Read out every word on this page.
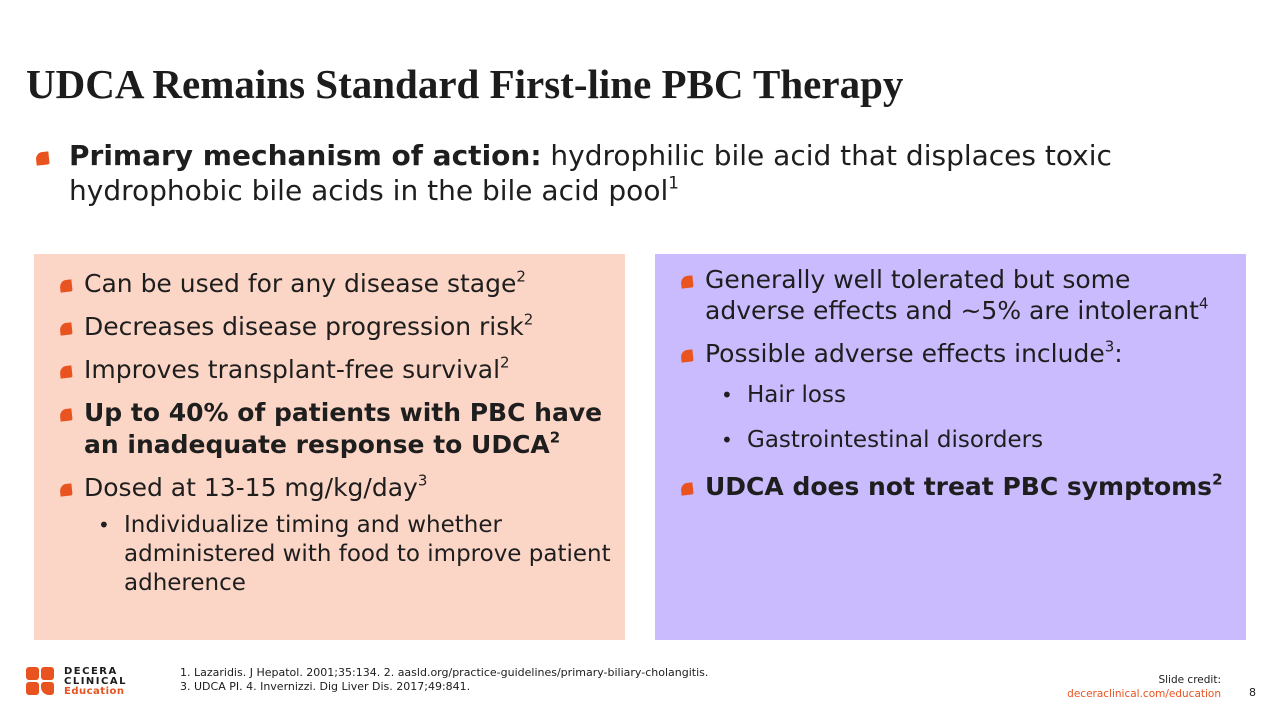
UDCA Remains Standard First-line PBC Therapy
Primary mechanism of action: hydrophilic bile acid that displaces toxic hydrophobic bile acids in the bile acid pool$^1$
Can be used for any disease stage$^2$
Decreases disease progression risk$^2$
Improves transplant-free survival$^2$
Up to 40% of patients with PBC have an inadequate response to UDCA$^2$
Dosed at 13-15 mg/kg/day$^3$
• Individualize timing and whether administered with food to improve patient adherence
Generally well tolerated but some adverse effects and ~5% are intolerant$^4$
Possible adverse effects include$^3$:
• Hair loss
• Gastrointestinal disorders
UDCA does not treat PBC symptoms$^2$
DECERA
CLINICAL
Education
1. Lazaridis. J Hepatol. 2001;35:134. 2. aasld.org/practice-guidelines/primary-biliary-cholangitis.
3. UDCA PI. 4. Invernizzi. Dig Liver Dis. 2017;49:841.	Slide credit:
deceraclinical.com/education	8
